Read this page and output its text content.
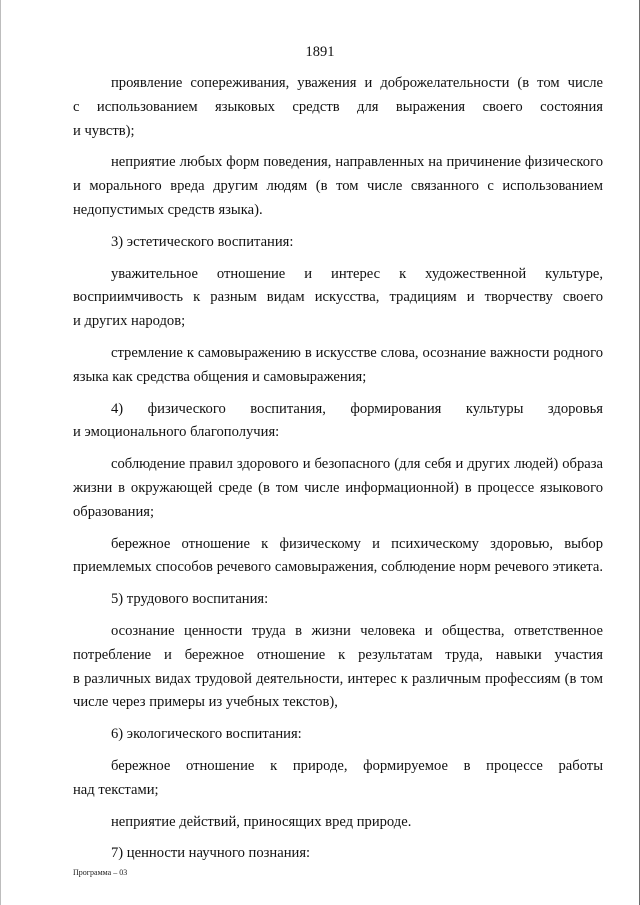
1891
проявление сопереживания, уважения и доброжелательности (в том числе
с использованием языковых средств для выражения своего состояния
и чувств);
неприятие любых форм поведения, направленных на причинение физического
и морального вреда другим людям (в том числе связанного с использованием
недопустимых средств языка).
3) эстетического воспитания:
уважительное отношение и интерес к художественной культуре,
восприимчивость к разным видам искусства, традициям и творчеству своего
и других народов;
стремление к самовыражению в искусстве слова, осознание важности родного
языка как средства общения и самовыражения;
4) физического воспитания, формирования культуры здоровья
и эмоционального благополучия:
соблюдение правил здорового и безопасного (для себя и других людей) образа
жизни в окружающей среде (в том числе информационной) в процессе языкового
образования;
бережное отношение к физическому и психическому здоровью, выбор
приемлемых способов речевого самовыражения, соблюдение норм речевого этикета.
5) трудового воспитания:
осознание ценности труда в жизни человека и общества, ответственное
потребление и бережное отношение к результатам труда, навыки участия
в различных видах трудовой деятельности, интерес к различным профессиям (в том
числе через примеры из учебных текстов),
6) экологического воспитания:
бережное отношение к природе, формируемое в процессе работы
над текстами;
неприятие действий, приносящих вред природе.
7) ценности научного познания:
Программа – 03
